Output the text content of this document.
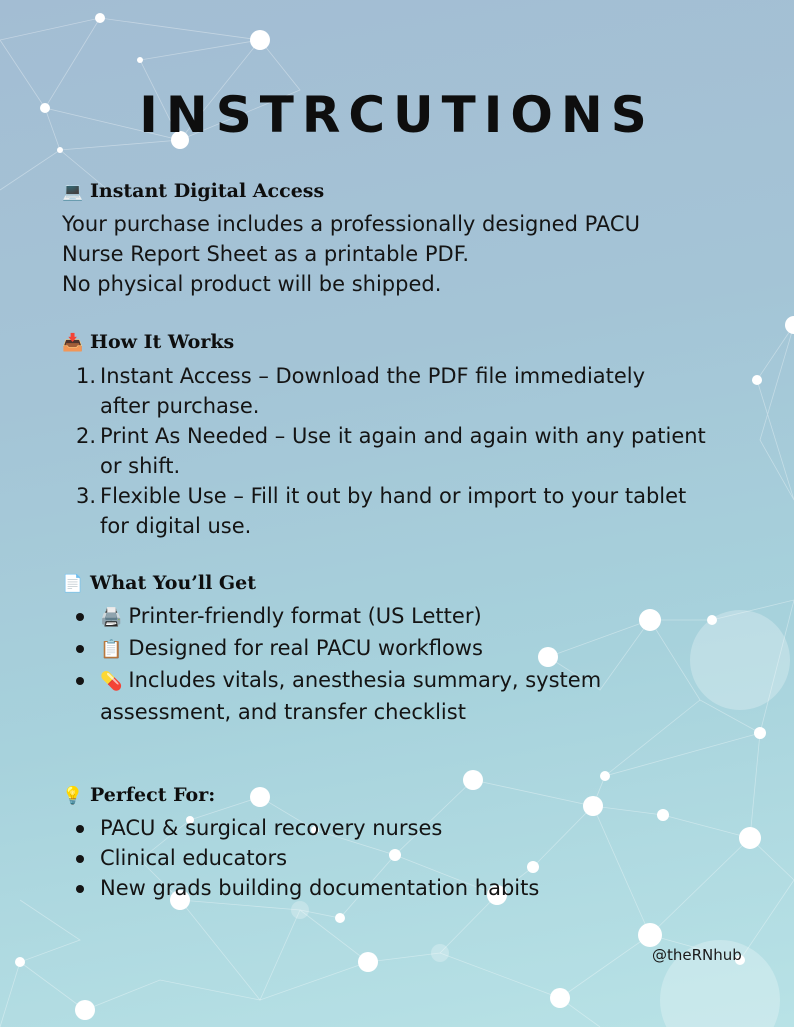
INSTRCUTIONS
💻 Instant Digital Access
Your purchase includes a professionally designed PACU
Nurse Report Sheet as a printable PDF.
No physical product will be shipped.
📥 How It Works
1. Instant Access – Download the PDF file immediately
after purchase.
2. Print As Needed – Use it again and again with any patient
or shift.
3. Flexible Use – Fill it out by hand or import to your tablet
for digital use.
📄 What You’ll Get
🖨️ Printer-friendly format (US Letter)
📋 Designed for real PACU workflows
💊 Includes vitals, anesthesia summary, system
assessment, and transfer checklist
💡 Perfect For:
PACU & surgical recovery nurses
Clinical educators
New grads building documentation habits
@theRNhub
